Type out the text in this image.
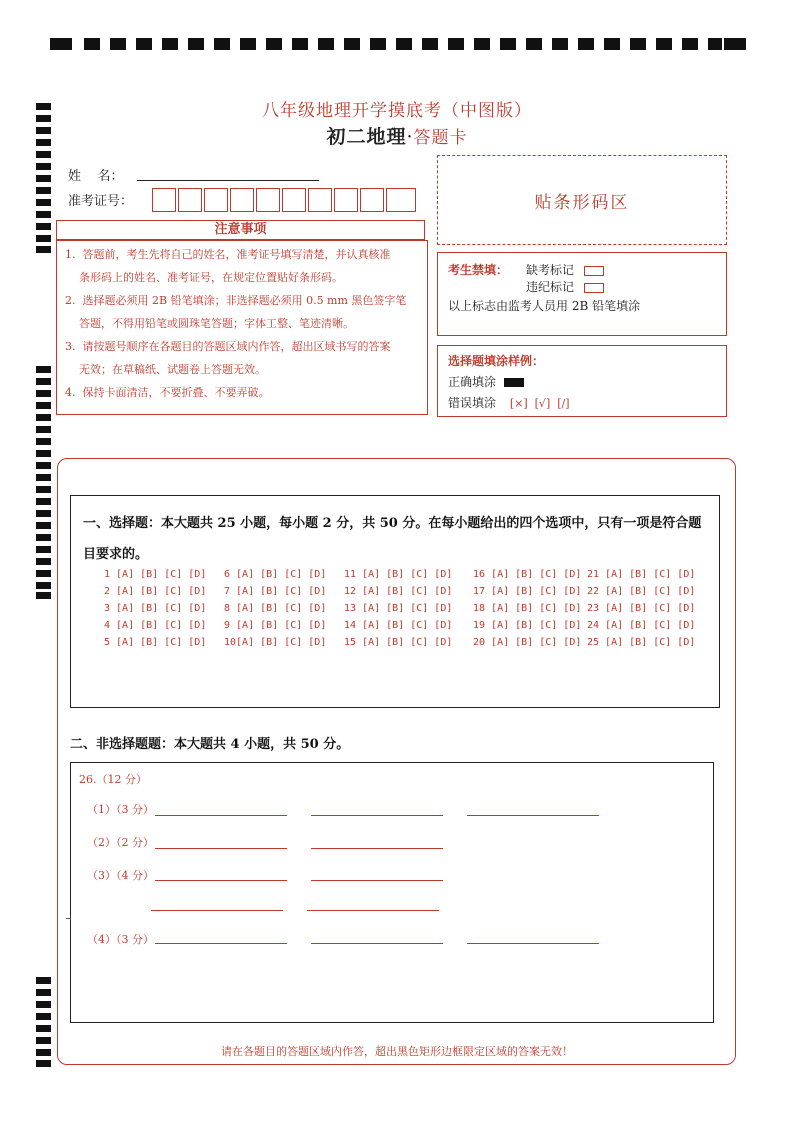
八年级地理开学摸底考（中图版）
初二地理·答题卡
姓    名：
准考证号：	贴条形码区
注意事项
1. 答题前，考生先将自己的姓名，准考证号填写清楚，并认真核准
条形码上的姓名、准考证号，在规定位置贴好条形码。
2. 选择题必须用 2B 铅笔填涂；非选择题必须用 0.5 mm 黑色签字笔
答题，不得用铅笔或圆珠笔答题；字体工整、笔迹清晰。
3. 请按题号顺序在各题目的答题区域内作答，超出区域书写的答案
无效；在草稿纸、试题卷上答题无效。
4. 保持卡面清洁，不要折叠、不要弄破。
考生禁填： 缺考标记
违纪标记
以上标志由监考人员用 2B 铅笔填涂
选择题填涂样例：
正确填涂
错误填涂 [×]  [√]  [/]
一、选择题：本大题共 25 小题，每小题 2 分，共 50 分。在每小题给出的四个选项中，只有一项是符合题目要求的。
1 [A] [B] [C] [D]
2 [A] [B] [C] [D]
3 [A] [B] [C] [D]
4 [A] [B] [C] [D]
5 [A] [B] [C] [D]
6 [A] [B] [C] [D]
7 [A] [B] [C] [D]
8 [A] [B] [C] [D]
9 [A] [B] [C] [D]
10[A] [B] [C] [D]
11 [A] [B] [C] [D]
12 [A] [B] [C] [D]
13 [A] [B] [C] [D]
14 [A] [B] [C] [D]
15 [A] [B] [C] [D]
16 [A] [B] [C] [D]
17 [A] [B] [C] [D]
18 [A] [B] [C] [D]
19 [A] [B] [C] [D]
20 [A] [B] [C] [D]
21 [A] [B] [C] [D]
22 [A] [B] [C] [D]
23 [A] [B] [C] [D]
24 [A] [B] [C] [D]
25 [A] [B] [C] [D]
二、非选择题题：本大题共 4 小题，共 50 分。
26.（12 分）
（1）（3 分）
（2）（2 分）
（3）（4 分）
（4）（3 分）
请在各题目的答题区域内作答，超出黑色矩形边框限定区域的答案无效！
